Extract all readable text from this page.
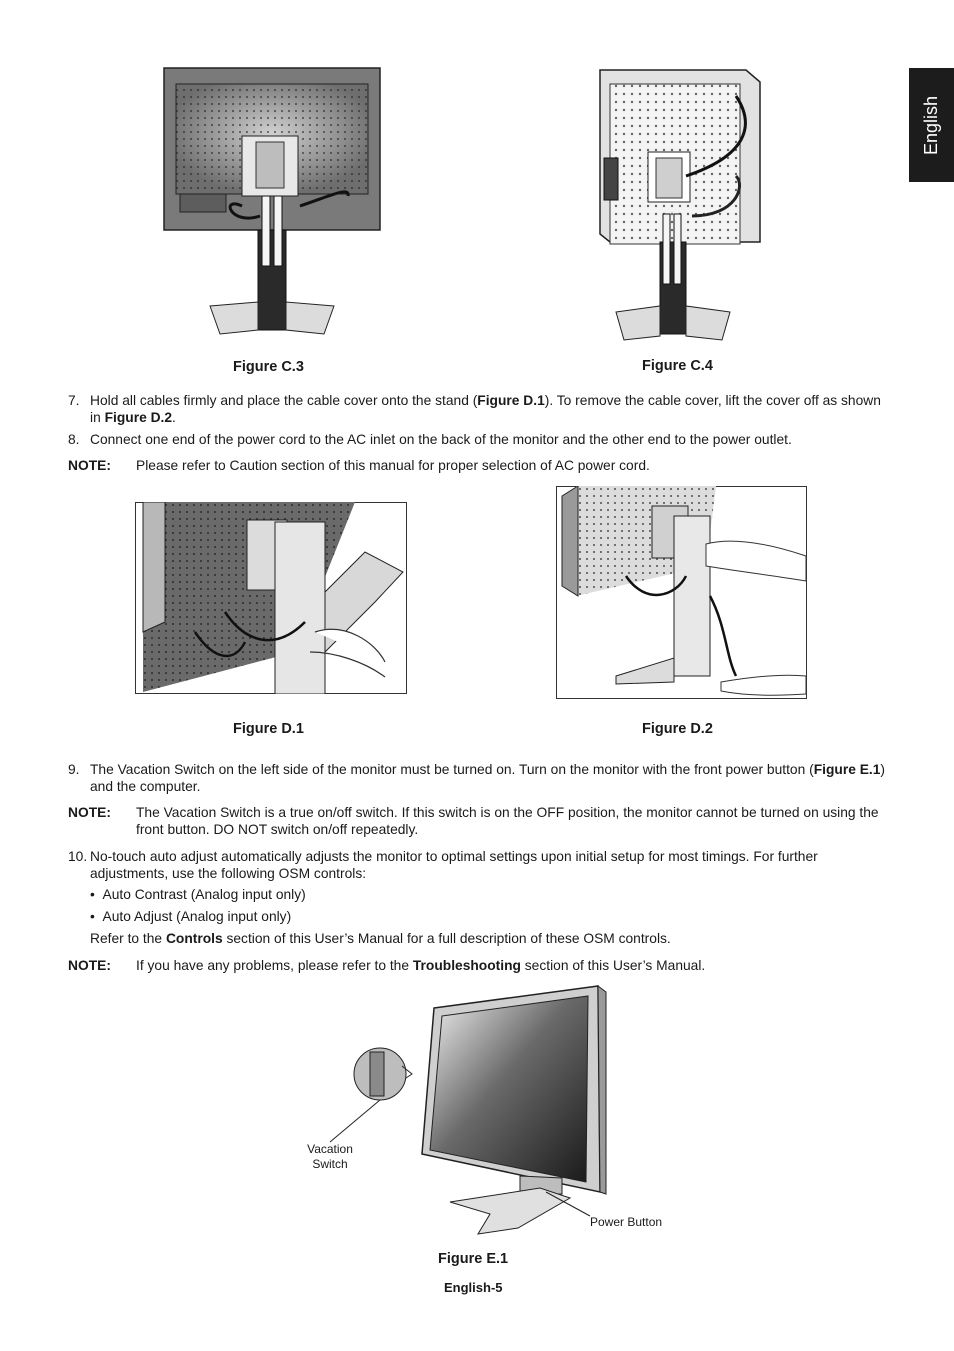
English
Figure C.3	Figure C.4
7. Hold all cables firmly and place the cable cover onto the stand (Figure D.1). To remove the cable cover, lift the cover off as shown in Figure D.2.
8. Connect one end of the power cord to the AC inlet on the back of the monitor and the other end to the power outlet.
NOTE: Please refer to Caution section of this manual for proper selection of AC power cord.
Figure D.1	Figure D.2
9. The Vacation Switch on the left side of the monitor must be turned on. Turn on the monitor with the front power button (Figure E.1) and the computer.
NOTE: The Vacation Switch is a true on/off switch. If this switch is on the OFF position, the monitor cannot be turned on using the front button. DO NOT switch on/off repeatedly.
10. No-touch auto adjust automatically adjusts the monitor to optimal settings upon initial setup for most timings. For further adjustments, use the following OSM controls:
•  Auto Contrast (Analog input only)
•  Auto Adjust (Analog input only)
Refer to the Controls section of this User’s Manual for a full description of these OSM controls.
NOTE: If you have any problems, please refer to the Troubleshooting section of this User’s Manual.
Vacation
Switch
Power Button
Figure E.1
English-5
